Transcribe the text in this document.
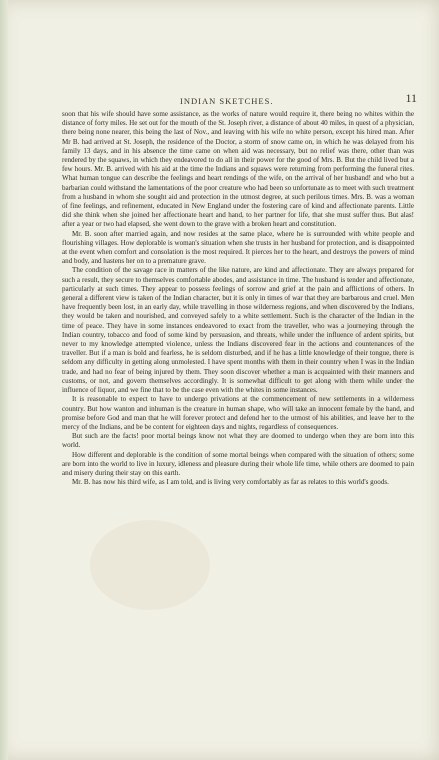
INDIAN SKETCHES.	11

soon that his wife should have some assistance, as the works of nature would require it, there being no whites within the distance of forty miles. He set out for the mouth of the St. Joseph river, a distance of about 40 miles, in quest of a physician, there being none nearer, this being the last of Nov., and leaving with his wife no white person, except his hired man. After Mr B. had arrived at St. Joseph, the residence of the Doctor, a storm of snow came on, in which he was delayed from his family 13 days, and in his absence the time came on when aid was necessary, but no relief was there, other than was rendered by the squaws, in which they endeavored to do all in their power for the good of Mrs. B. But the child lived but a few hours. Mr. B. arrived with his aid at the time the Indians and squaws were returning from performing the funeral rites. What human tongue can describe the feelings and heart rendings of the wife, on the arrival of her husband! and who but a barbarian could withstand the lamentations of the poor creature who had been so unfortunate as to meet with such treatment from a husband in whom she sought aid and protection in the utmost degree, at such perilous times. Mrs. B. was a woman of fine feelings, and refinement, educated in New England under the fostering care of kind and affectionate parents. Little did she think when she joined her affectionate heart and hand, to her partner for life, that she must suffer thus. But alas! after a year or two had elapsed, she went down to the grave with a broken heart and constitution.

Mr. B. soon after married again, and now resides at the same place, where he is surrounded with white people and flourishing villages. How deplorable is woman's situation when she trusts in her husband for protection, and is disappointed at the event when comfort and consolation is the most required. It pierces her to the heart, and destroys the powers of mind and body, and hastens her on to a premature grave.

The condition of the savage race in matters of the like nature, are kind and affectionate. They are always prepared for such a result, they secure to themselves comfortable abodes, and assistance in time. The husband is tender and affectionate, particularly at such times. They appear to possess feelings of sorrow and grief at the pain and afflictions of others. In general a different view is taken of the Indian character, but it is only in times of war that they are barbarous and cruel. Men have frequently been lost, in an early day, while travelling in those wilderness regions, and when discovered by the Indians, they would be taken and nourished, and conveyed safely to a white settlement. Such is the character of the Indian in the time of peace. They have in some instances endeavored to exact from the traveller, who was a journeying through the Indian country, tobacco and food of some kind by persuasion, and threats, while under the influence of ardent spirits, but never to my knowledge attempted violence, unless the Indians discovered fear in the actions and countenances of the traveller. But if a man is bold and fearless, he is seldom disturbed, and if he has a little knowledge of their tongue, there is seldom any difficulty in getting along unmolested. I have spent months with them in their country when I was in the Indian trade, and had no fear of being injured by them. They soon discover whether a man is acquainted with their manners and customs, or not, and govern themselves accordingly. It is somewhat difficult to get along with them while under the influence of liquor, and we fine that to be the case even with the whites in some instances.

It is reasonable to expect to have to undergo privations at the commencement of new settlements in a wilderness country. But how wanton and inhuman is the creature in human shape, who will take an innocent female by the hand, and promise before God and man that he will forever protect and defend her to the utmost of his abilities, and leave her to the mercy of the Indians, and be be content for eighteen days and nights, regardless of consequences.

But such are the facts! poor mortal beings know not what they are doomed to undergo when they are born into this world.

How different and deplorable is the condition of some mortal beings when compared with the situation of others; some are born into the world to live in luxury, idleness and pleasure during their whole life time, while others are doomed to pain and misery during their stay on this earth.

Mr. B. has now his third wife, as I am told, and is living very comfortably as far as relates to this world's goods.
